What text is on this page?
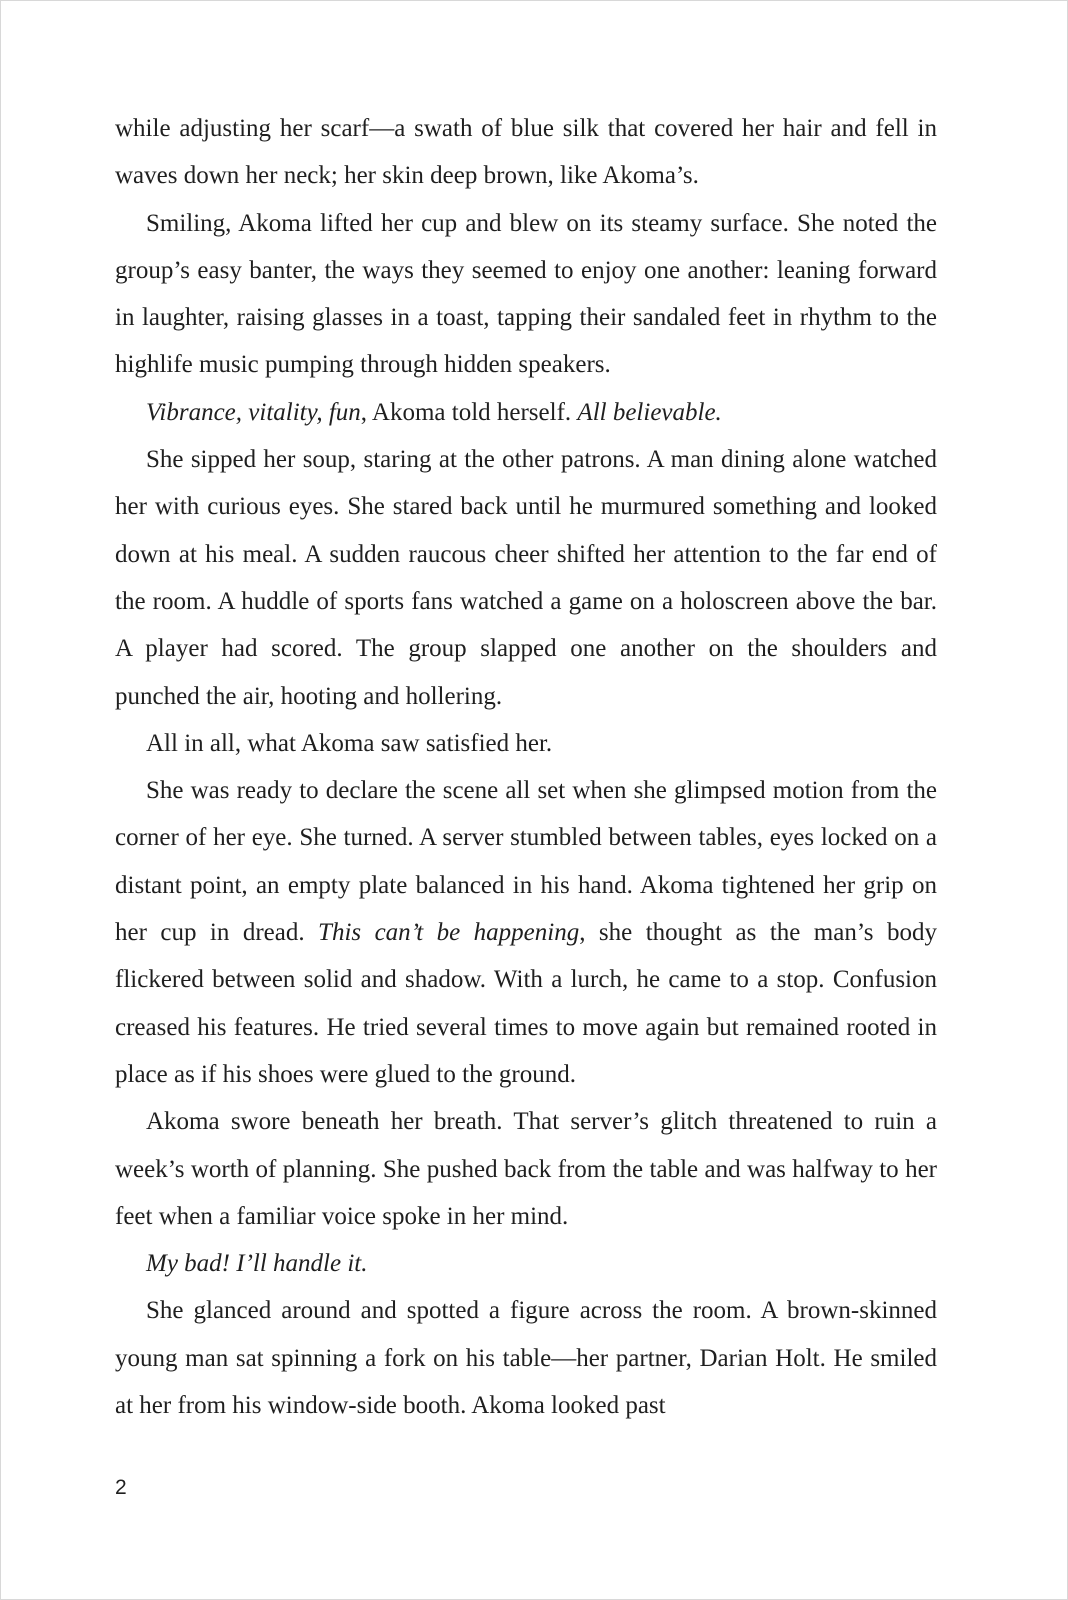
while adjusting her scarf—a swath of blue silk that covered her hair and fell in waves down her neck; her skin deep brown, like Akoma’s.

Smiling, Akoma lifted her cup and blew on its steamy surface. She noted the group’s easy banter, the ways they seemed to enjoy one another: leaning forward in laughter, raising glasses in a toast, tapping their sandaled feet in rhythm to the highlife music pumping through hidden speakers.

Vibrance, vitality, fun, Akoma told herself. All believable.

She sipped her soup, staring at the other patrons. A man dining alone watched her with curious eyes. She stared back until he murmured something and looked down at his meal. A sudden raucous cheer shifted her attention to the far end of the room. A huddle of sports fans watched a game on a holoscreen above the bar. A player had scored. The group slapped one another on the shoulders and punched the air, hooting and hollering.

All in all, what Akoma saw satisfied her.

She was ready to declare the scene all set when she glimpsed motion from the corner of her eye. She turned. A server stumbled between tables, eyes locked on a distant point, an empty plate balanced in his hand. Akoma tightened her grip on her cup in dread. This can’t be happening, she thought as the man’s body flickered between solid and shadow. With a lurch, he came to a stop. Confusion creased his features. He tried several times to move again but remained rooted in place as if his shoes were glued to the ground.

Akoma swore beneath her breath. That server’s glitch threatened to ruin a week’s worth of planning. She pushed back from the table and was halfway to her feet when a familiar voice spoke in her mind.

My bad! I’ll handle it.

She glanced around and spotted a figure across the room. A brown-skinned young man sat spinning a fork on his table—her partner, Darian Holt. He smiled at her from his window-side booth. Akoma looked past

2
